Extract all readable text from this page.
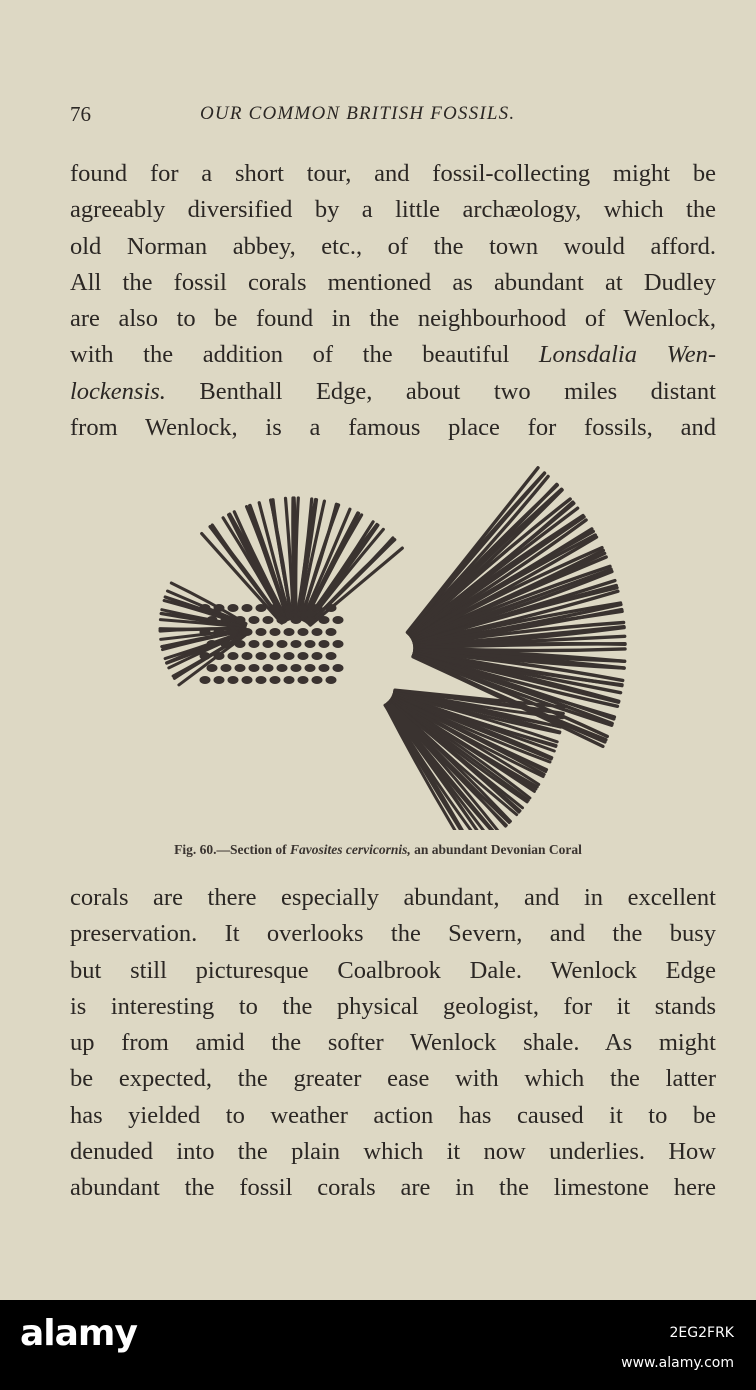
76	OUR COMMON BRITISH FOSSILS.
found for a short tour, and fossil-collecting might be
agreeably diversified by a little archæology, which the
old Norman abbey, etc., of the town would afford.
All the fossil corals mentioned as abundant at Dudley
are also to be found in the neighbourhood of Wenlock,
with the addition of the beautiful Lonsdalia Wen-
lockensis. Benthall Edge, about two miles distant
from Wenlock, is a famous place for fossils, and
Fig. 60.—Section of Favosites cervicornis, an abundant Devonian Coral
corals are there especially abundant, and in excellent
preservation. It overlooks the Severn, and the busy
but still picturesque Coalbrook Dale. Wenlock Edge
is interesting to the physical geologist, for it stands
up from amid the softer Wenlock shale. As might
be expected, the greater ease with which the latter
has yielded to weather action has caused it to be
denuded into the plain which it now underlies. How
abundant the fossil corals are in the limestone here
alamy	2EG2FRK
www.alamy.com
